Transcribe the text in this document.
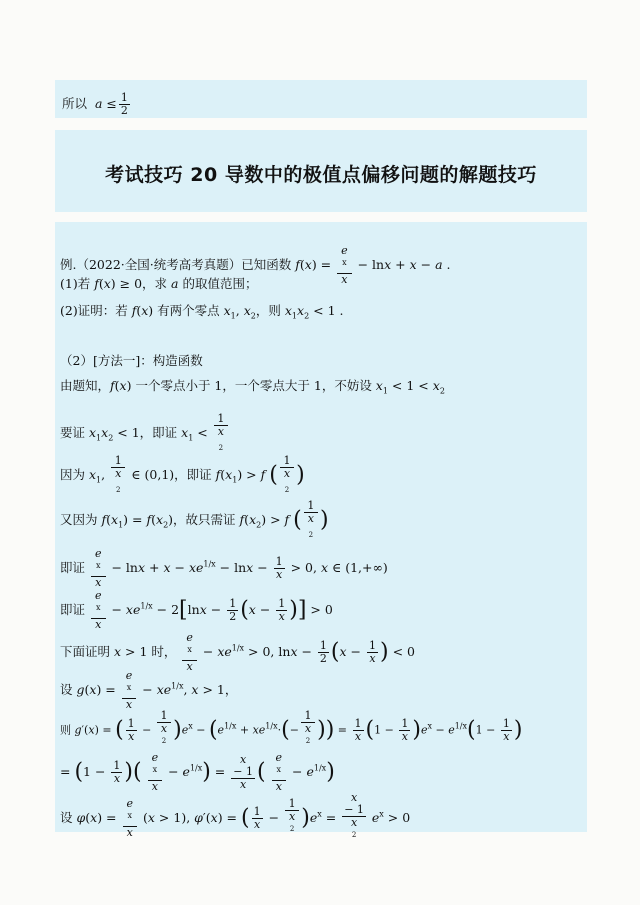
所以  $a \le \frac{1}{2}$
考试技巧 20 导数中的极值点偏移问题的解题技巧
例.（2022·全国·统考高考真题）已知函数 f(x) = e
$^x$
x − lnx + x − a .
(1)若 f(x) ≥ 0，求 a 的取值范围；
(2)证明：若 f(x) 有两个零点 $x_1$, $x_2$，则 $x_1x_2 < 1$ .
（2）[方法一]：构造函数
由题知，f(x) 一个零点小于 1，一个零点大于 1，不妨设 $x_1 < 1 < x_2$
要证 $x_1x_2 < 1$，即证 $x_1 < 1$
x
$_2$
因为 $x_1$, 1
x
$_2$ ∈ (0,1)，即证 $f(x_1) > f$ ( 1
x
$_2$ )
又因为 $f(x_1) = f(x_2)$，故只需证 $f(x_2) > f$ ( 1
x
$_2$ )
即证 e
$^x$
$x - \ln x + x - xe^{1/x} - \ln x - \frac{1}{x} > 0$, x ∈ (1,+∞)
即证 e
$^x$
$x - xe^{1/x} - 2[\ln x - \frac{1}{2} (x - \frac{1}{x}$ )] > 0
下面证明 x > 1 时， e
$^x$
$x - xe^{1/x} > 0$, $\ln x - \frac{1}{2} (x - \frac{1}{x}$ ) < 0
设 g(x) = e
$^x$
$x - xe^{1/x}$, x > 1，
则 g′(x) = ( $\frac{1}{x} - 1$
x
$^2$ )$e^x - (e^{1/x} + xe^{1/x}\cdot(- 1$
x
$^2$ )) = $\frac{1}{x} (1 - \frac{1}{x} )e^x - e^{1/x}(1 - \frac{1}{x}$ )
= ($1 - \frac{1}{x}$ )( e
$^x$
$x - e^{1/x}) = x$
− 1
x ( e
$^x$
$x - e^{1/x}$)
设 φ(x) = e
$^x$
x (x > 1), φ′(x) = ( $\frac{1}{x} - 1$
x
$^2$ )$e^x = x$
− 1
x
$^2$ $e^x > 0$
